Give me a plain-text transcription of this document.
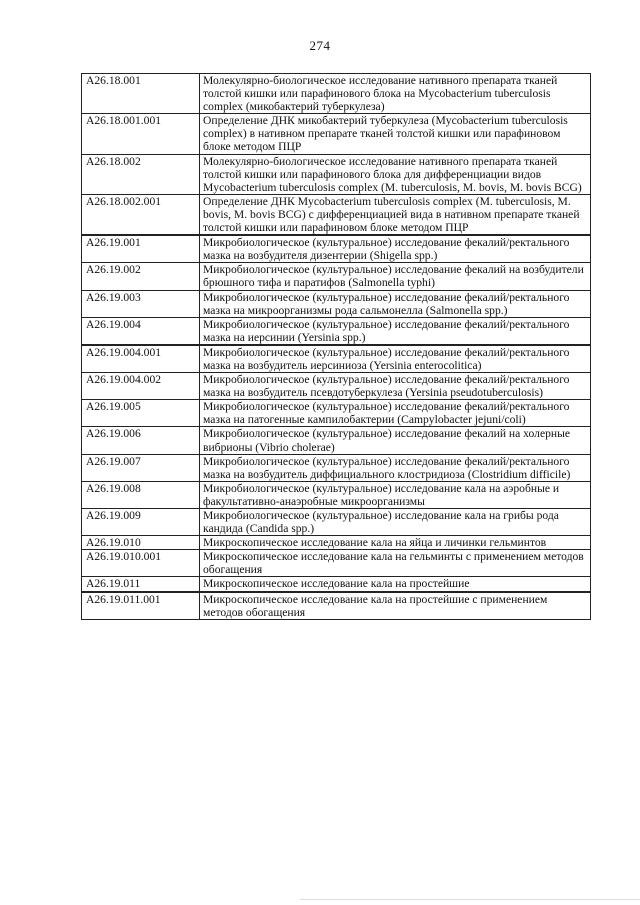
274
A26.18.001	Молекулярно-биологическое исследование нативного препарата тканей толстой кишки или парафинового блока на Mycobacterium tuberculosis complex (микобактерий туберкулеза)
A26.18.001.001	Определение ДНК микобактерий туберкулеза (Mycobacterium tuberculosis complex) в нативном препарате тканей толстой кишки или парафиновом блоке методом ПЦР
A26.18.002	Молекулярно-биологическое исследование нативного препарата тканей толстой кишки или парафинового блока для дифференциации видов Mycobacterium tuberculosis complex (M. tuberculosis, M. bovis, M. bovis BCG)
A26.18.002.001	Определение ДНК Mycobacterium tuberculosis complex (M. tuberculosis, M. bovis, M. bovis BCG) с дифференциацией вида в нативном препарате тканей толстой кишки или парафиновом блоке методом ПЦР
A26.19.001	Микробиологическое (культуральное) исследование фекалий/ректального мазка на возбудителя дизентерии (Shigella spp.)
A26.19.002	Микробиологическое (культуральное) исследование фекалий на возбудители брюшного тифа и паратифов (Salmonella typhi)
A26.19.003	Микробиологическое (культуральное) исследование фекалий/ректального мазка на микроорганизмы рода сальмонелла (Salmonella spp.)
A26.19.004	Микробиологическое (культуральное) исследование фекалий/ректального мазка на иерсинии (Yersinia spp.)
A26.19.004.001	Микробиологическое (культуральное) исследование фекалий/ректального мазка на возбудитель иерсиниоза (Yersinia enterocolitica)
A26.19.004.002	Микробиологическое (культуральное) исследование фекалий/ректального мазка на возбудитель псевдотуберкулеза (Yersinia pseudotuberculosis)
A26.19.005	Микробиологическое (культуральное) исследование фекалий/ректального мазка на патогенные кампилобактерии (Campylobacter jejuni/coli)
A26.19.006	Микробиологическое (культуральное) исследование фекалий на холерные вибрионы (Vibrio cholerae)
A26.19.007	Микробиологическое (культуральное) исследование фекалий/ректального мазка на возбудитель диффициального клостридиоза (Clostridium difficile)
A26.19.008	Микробиологическое (культуральное) исследование кала на аэробные и факультативно-анаэробные микроорганизмы
A26.19.009	Микробиологическое (культуральное) исследование кала на грибы рода кандида (Candida spp.)
A26.19.010	Микроскопическое исследование кала на яйца и личинки гельминтов
A26.19.010.001	Микроскопическое исследование кала на гельминты с применением методов обогащения
A26.19.011	Микроскопическое исследование кала на простейшие
A26.19.011.001	Микроскопическое исследование кала на простейшие с применением методов обогащения
